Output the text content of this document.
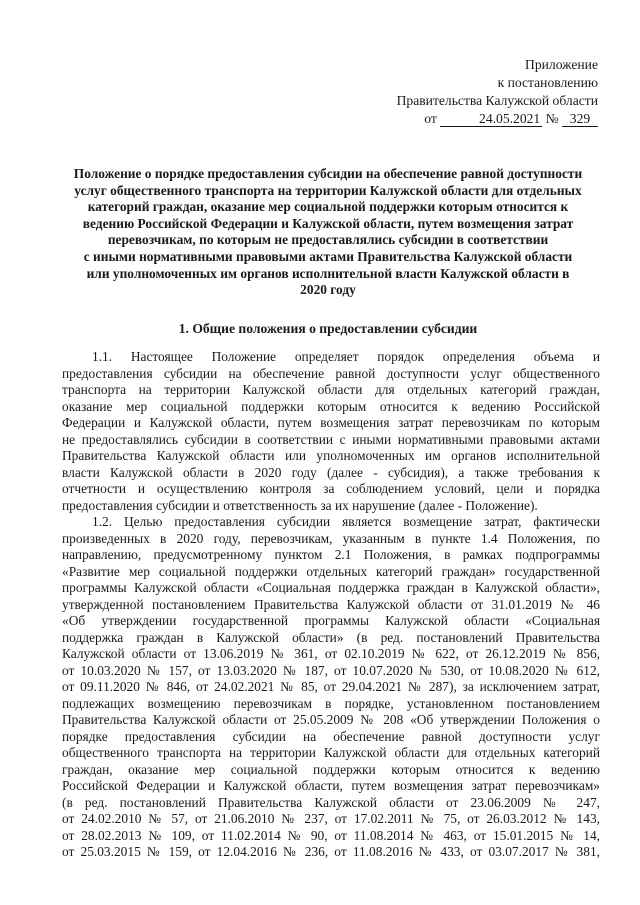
Приложение
к постановлению
Правительства Калужской области
от	24.05.2021 № 329
Положение о порядке предоставления субсидии на обеспечение равной доступности
услуг общественного транспорта на территории Калужской области для отдельных
категорий граждан, оказание мер социальной поддержки которым относится к
ведению Российской Федерации и Калужской области, путем возмещения затрат
перевозчикам, по которым не предоставлялись субсидии в соответствии
с иными нормативными правовыми актами Правительства Калужской области
или уполномоченных им органов исполнительной власти Калужской области в
2020 году
1. Общие положения о предоставлении субсидии
1.1. Настоящее Положение определяет порядок определения объема и
предоставления субсидии на обеспечение равной доступности услуг общественного
транспорта на территории Калужской области для отдельных категорий граждан,
оказание мер социальной поддержки которым относится к ведению Российской
Федерации и Калужской области, путем возмещения затрат перевозчикам по которым
не предоставлялись субсидии в соответствии с иными нормативными правовыми актами
Правительства Калужской области или уполномоченных им органов исполнительной
власти Калужской области в 2020 году (далее - субсидия), а также требования к
отчетности и осуществлению контроля за соблюдением условий, цели и порядка
предоставления субсидии и ответственность за их нарушение (далее - Положение).
1.2. Целью предоставления субсидии является возмещение затрат, фактически
произведенных в 2020 году, перевозчикам, указанным в пункте 1.4 Положения, по
направлению, предусмотренному пунктом 2.1 Положения, в рамках подпрограммы
«Развитие мер социальной поддержки отдельных категорий граждан» государственной
программы Калужской области «Социальная поддержка граждан в Калужской области»,
утвержденной постановлением Правительства Калужской области от 31.01.2019 № 46
«Об утверждении государственной программы Калужской области «Социальная
поддержка граждан в Калужской области» (в ред. постановлений Правительства
Калужской области от 13.06.2019 № 361, от 02.10.2019 № 622, от 26.12.2019 № 856,
от 10.03.2020 № 157, от 13.03.2020 № 187, от 10.07.2020 № 530, от 10.08.2020 № 612,
от 09.11.2020 № 846, от 24.02.2021 № 85, от 29.04.2021 № 287), за исключением затрат,
подлежащих возмещению перевозчикам в порядке, установленном постановлением
Правительства Калужской области от 25.05.2009 № 208 «Об утверждении Положения о
порядке предоставления субсидии на обеспечение равной доступности услуг
общественного транспорта на территории Калужской области для отдельных категорий
граждан, оказание мер социальной поддержки которым относится к ведению
Российской Федерации и Калужской области, путем возмещения затрат перевозчикам»
(в ред. постановлений Правительства Калужской области от 23.06.2009 № 247,
от 24.02.2010 № 57, от 21.06.2010 № 237, от 17.02.2011 № 75, от 26.03.2012 № 143,
от 28.02.2013 № 109, от 11.02.2014 № 90, от 11.08.2014 № 463, от 15.01.2015 № 14,
от 25.03.2015 № 159, от 12.04.2016 № 236, от 11.08.2016 № 433, от 03.07.2017 № 381,
